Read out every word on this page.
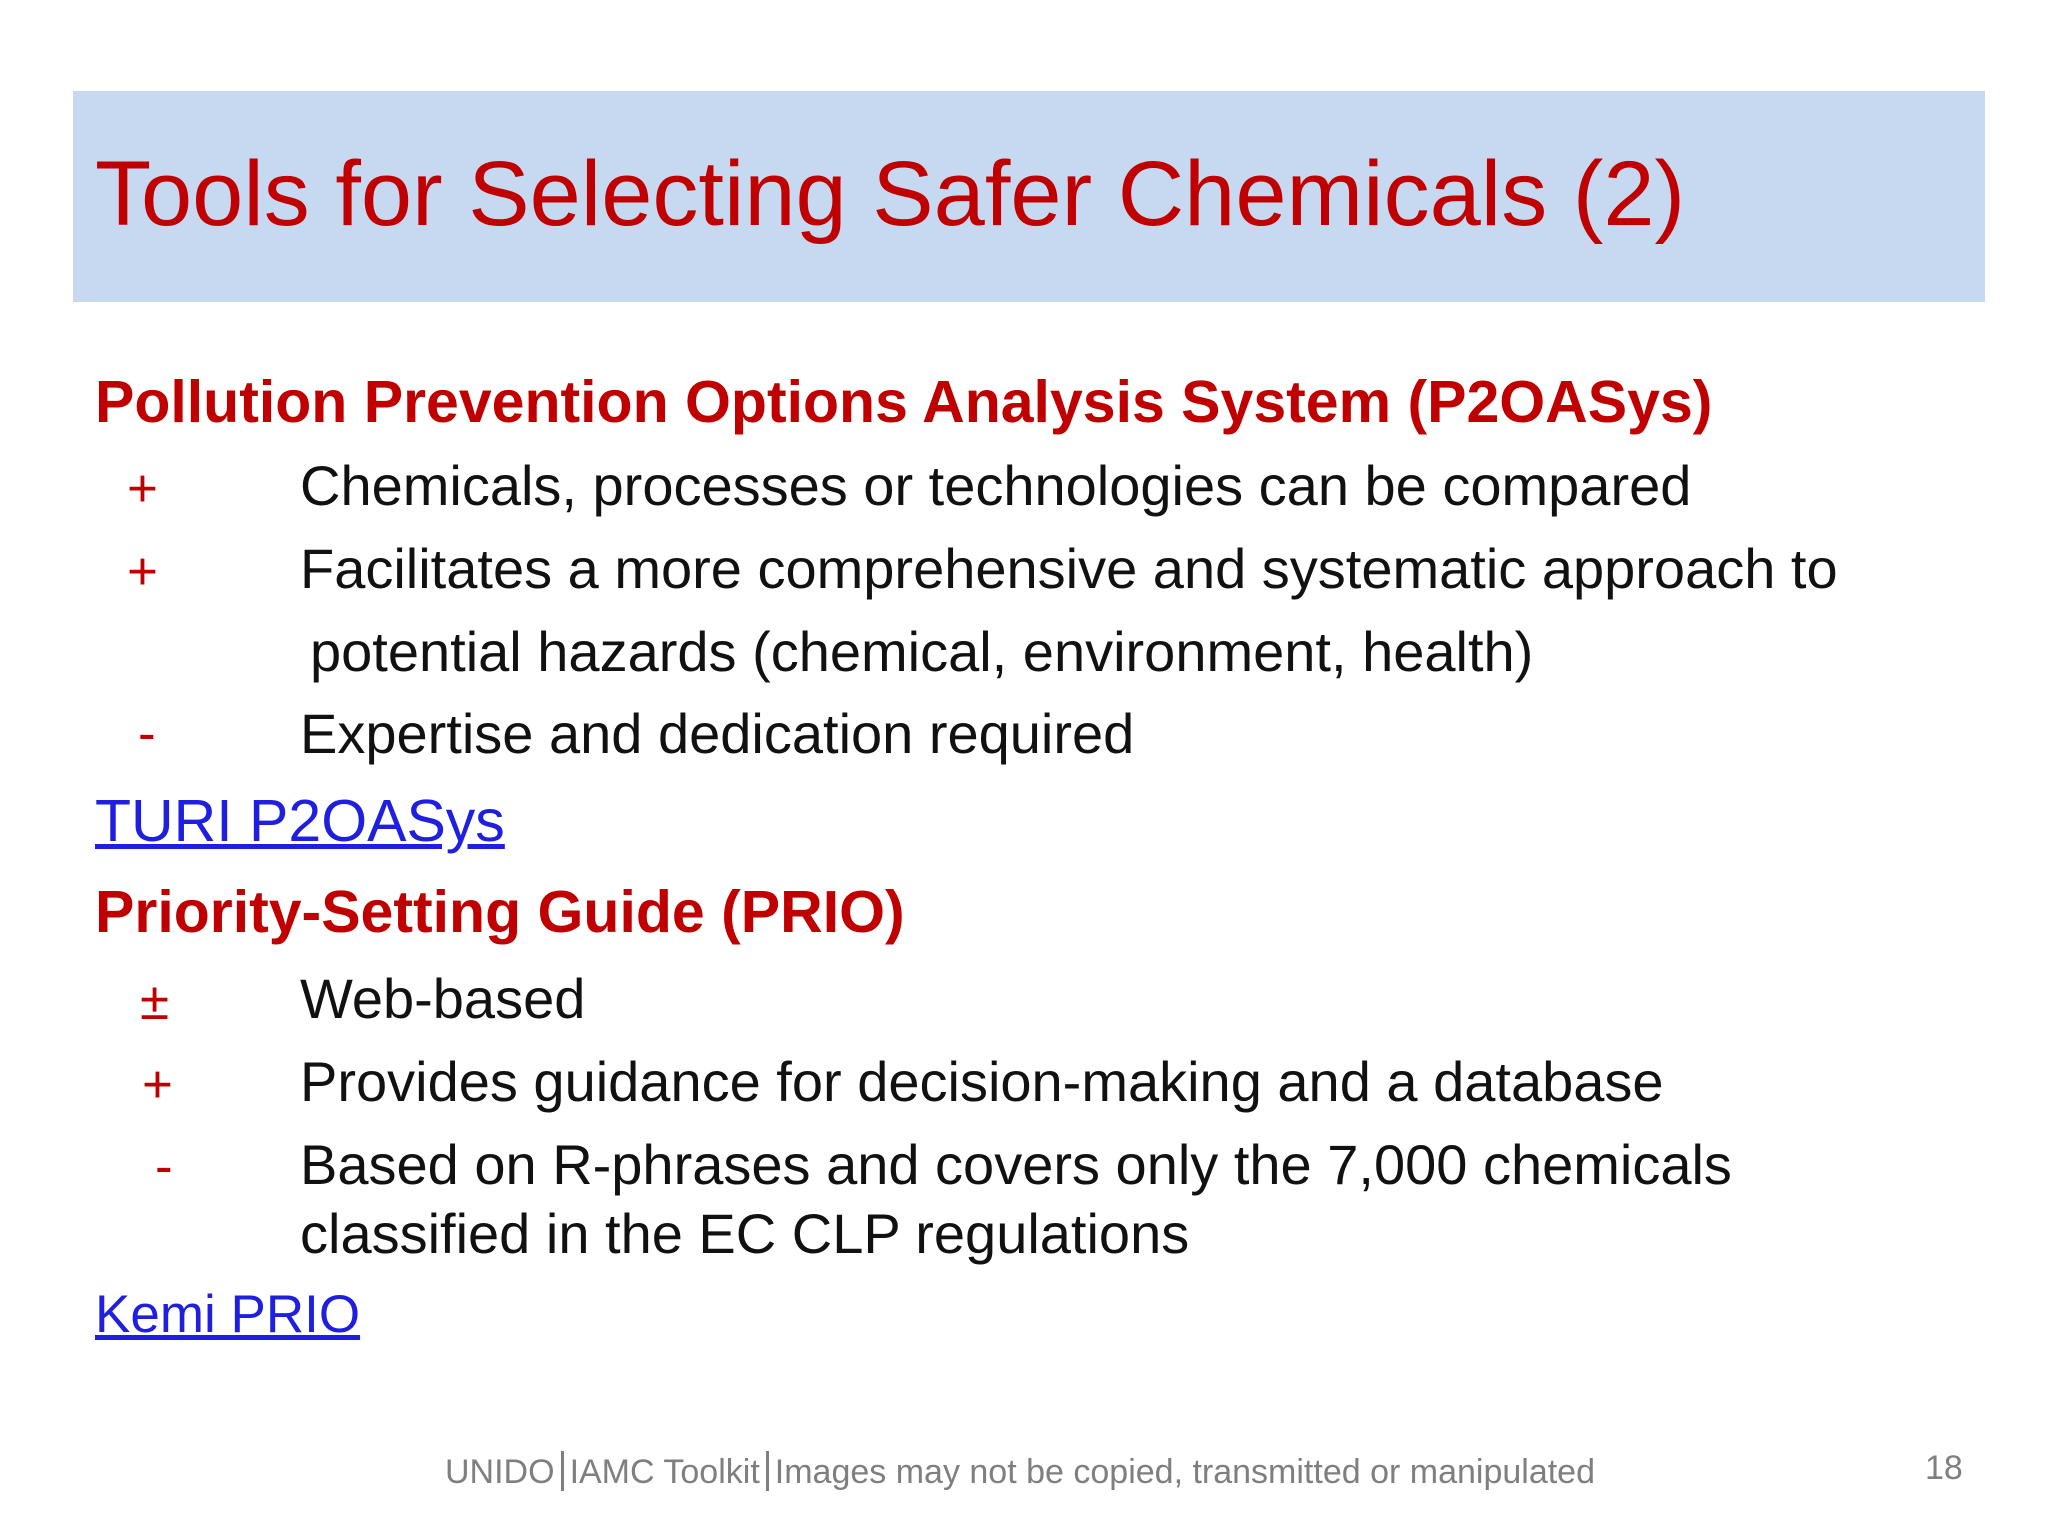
Tools for Selecting Safer Chemicals (2)
Pollution Prevention Options Analysis System (P2OASys)
+	Chemicals, processes or technologies can be compared
+	Facilitates a more comprehensive and systematic approach to
potential hazards (chemical, environment, health)
-	Expertise and dedication required
TURI P2OASys
Priority-Setting Guide (PRIO)
± Web-based
+ Provides guidance for decision-making and a database
- Based on R-phrases and covers only the 7,000 chemicals
classified in the EC CLP regulations
Kemi PRIO
UNIDO IAMC Toolkit Images may not be copied, transmitted or manipulated	18
